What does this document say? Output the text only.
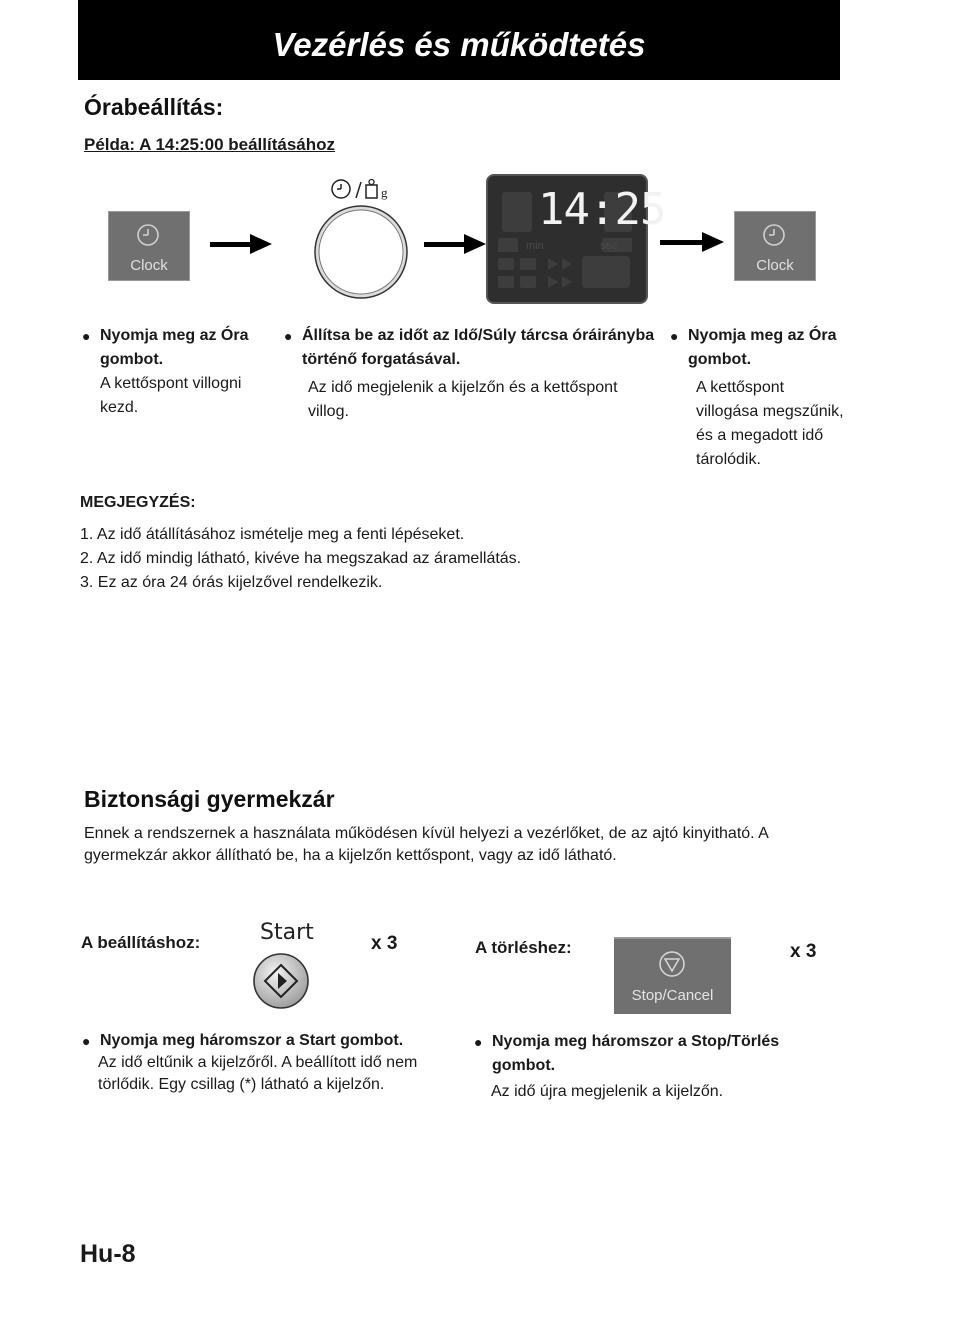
Vezérlés és működtetés
Órabeállítás:
Példa: A 14:25:00 beállításához
Clock
g
min	sec
14:25
Clock
● Nyomja meg az Óra gombot.
A kettőspont villogni kezd.
● Állítsa be az időt az Idő/Súly tárcsa óráirányba történő forgatásával.
Az idő megjelenik a kijelzőn és a kettőspont villog.
● Nyomja meg az Óra gombot.
A kettőspont villogása megszűnik, és a megadott idő tárolódik.
MEGJEGYZÉS:
1. Az idő átállításához ismételje meg a fenti lépéseket.
2. Az idő mindig látható, kivéve ha megszakad az áramellátás.
3. Ez az óra 24 órás kijelzővel rendelkezik.
Biztonsági gyermekzár
Ennek a rendszernek a használata működésen kívül helyezi a vezérlőket, de az ajtó kinyitható. A gyermekzár akkor állítható be, ha a kijelzőn kettőspont, vagy az idő látható.
A beállításhoz:	Start	x 3	A törléshez:
Stop/Cancel
x 3
● Nyomja meg háromszor a Start gombot.
Az idő eltűnik a kijelzőről. A beállított idő nem törlődik. Egy csillag (*) látható a kijelzőn.
● Nyomja meg háromszor a Stop/Törlés gombot.
Az idő újra megjelenik a kijelzőn.
Hu-8
